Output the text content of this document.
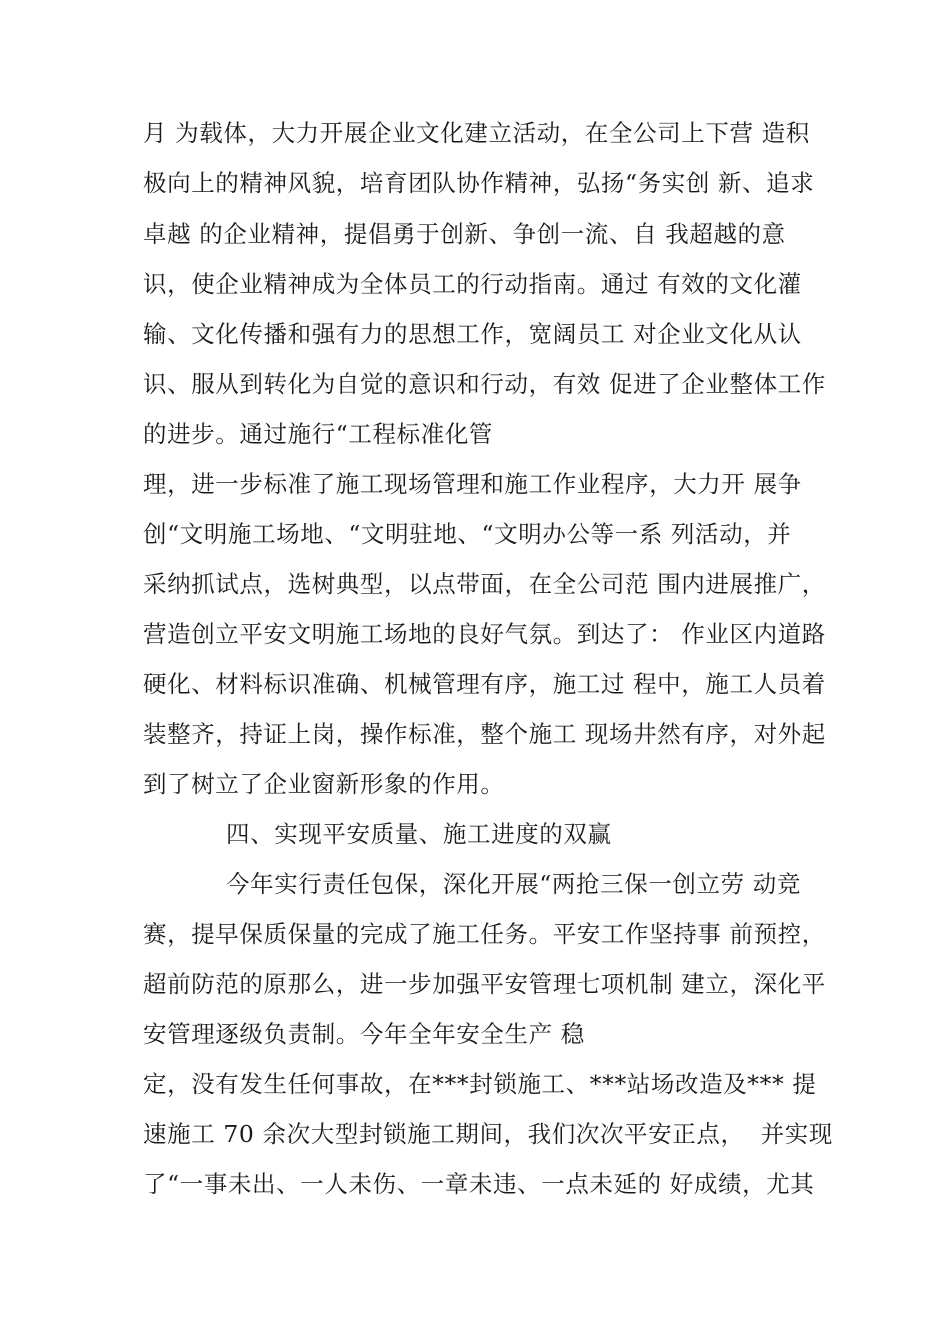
月 为载体，大力开展企业文化建立活动，在全公司上下营 造积
极向上的精神风貌，培育团队协作精神，弘扬“务实创 新、追求
卓越 的企业精神，提倡勇于创新、争创一流、自 我超越的意
识，使企业精神成为全体员工的行动指南。通过 有效的文化灌
输、文化传播和强有力的思想工作，宽阔员工 对企业文化从认
识、服从到转化为自觉的意识和行动，有效 促进了企业整体工作
的进步。通过施行“工程标准化管
理，进一步标准了施工现场管理和施工作业程序，大力开 展争
创“文明施工场地、“文明驻地、“文明办公等一系 列活动，并
采纳抓试点，选树典型，以点带面，在全公司范 围内进展推广，
营造创立平安文明施工场地的良好气氛。到达了： 作业区内道路
硬化、材料标识准确、机械管理有序，施工过 程中，施工人员着
装整齐，持证上岗，操作标准，整个施工 现场井然有序，对外起
到了树立了企业窗新形象的作用。
四、实现平安质量、施工进度的双赢
今年实行责任包保，深化开展“两抢三保一创立劳 动竞
赛，提早保质保量的完成了施工任务。平安工作坚持事 前预控，
超前防范的原那么，进一步加强平安管理七项机制 建立，深化平
安管理逐级负责制。今年全年安全生产 稳
定，没有发生任何事故，在***封锁施工、***站场改造及*** 提
速施工 70 余次大型封锁施工期间，我们次次平安正点，  并实现
了“一事未出、一人未伤、一章未违、一点未延的 好成绩，尤其
